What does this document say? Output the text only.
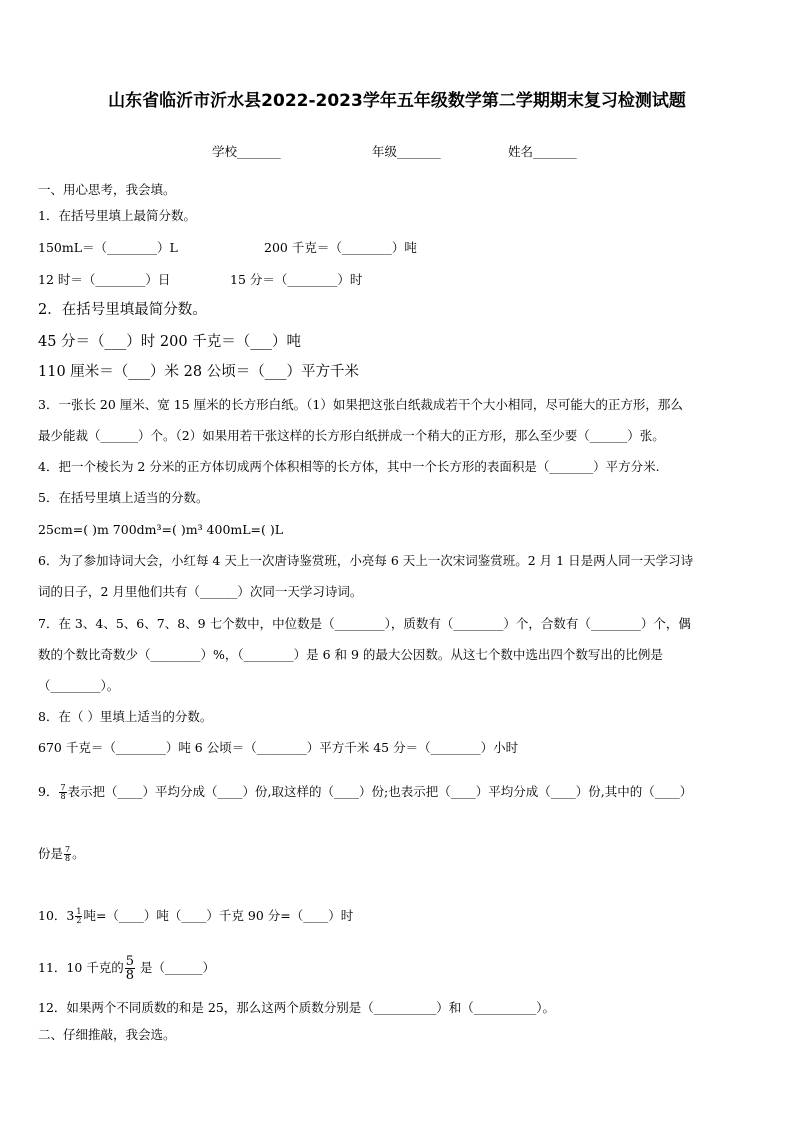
山东省临沂市沂水县2022-2023学年五年级数学第二学期期末复习检测试题
学校_______	年级_______	姓名_______
一、用心思考，我会填。
1．在括号里填上最简分数。
150mL＝（________）L	200 千克＝（________）吨
12 时＝（________）日	15 分＝（________）时
2．在括号里填最简分数。
45 分＝（___）时 200 千克＝（___）吨
110 厘米＝（___）米 28 公顷＝（___）平方千米
3．一张长 20 厘米、宽 15 厘米的长方形白纸。（1）如果把这张白纸裁成若干个大小相同，尽可能大的正方形，那么
最少能裁（______）个。（2）如果用若干张这样的长方形白纸拼成一个稍大的正方形，那么至少要（______）张。
4．把一个棱长为 2 分米的正方体切成两个体积相等的长方体，其中一个长方形的表面积是（_______）平方分米.
5．在括号里填上适当的分数。
25cm=( )m 700dm³=( )m³ 400mL=( )L
6．为了参加诗词大会，小红每 4 天上一次唐诗鉴赏班，小亮每 6 天上一次宋词鉴赏班。2 月 1 日是两人同一天学习诗
词的日子，2 月里他们共有（______）次同一天学习诗词。
7．在 3、4、5、6、7、8、9 七个数中，中位数是（________），质数有（________）个，合数有（________）个，偶
数的个数比奇数少（________）%，（________）是 6 和 9 的最大公因数。从这七个数中选出四个数写出的比例是
（________）。
8．在（ ）里填上适当的分数。
670 千克＝（________）吨 6 公顷＝（________）平方千米 45 分＝（________）小时
9． $\frac{7}{8}$ 表示把（____）平均分成（____）份,取这样的（____）份;也表示把（____）平均分成（____）份,其中的（____）
份是 $\frac{7}{8}$ 。
10．$3 \frac{1}{2}$ 吨=（____）吨（____）千克 90 分=（____）时
11．10 千克的 $\frac{5}{8}$ 是（______）
12．如果两个不同质数的和是 25，那么这两个质数分别是（__________）和（__________）。
二、仔细推敲，我会选。
